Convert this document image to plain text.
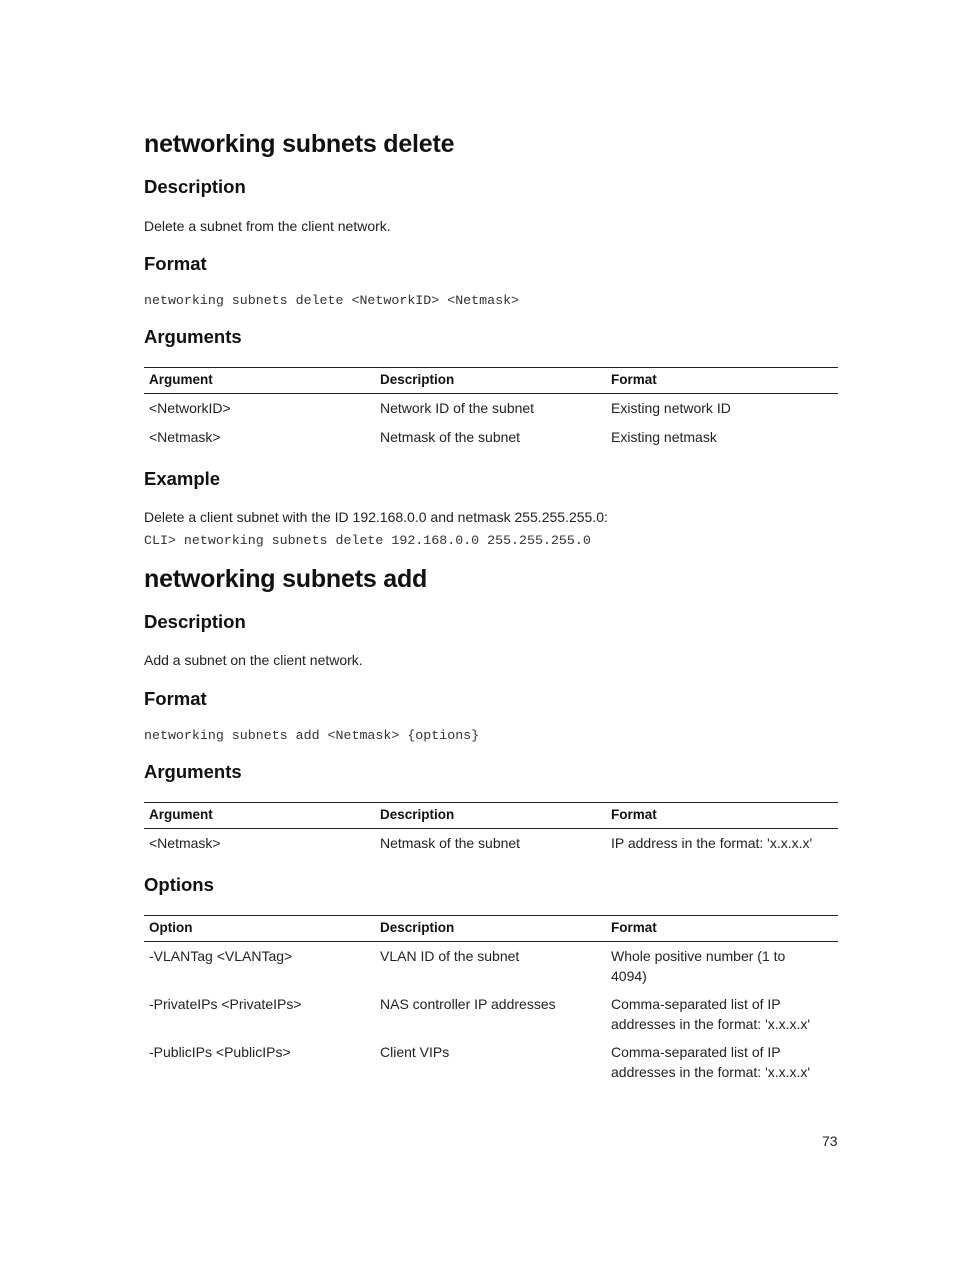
networking subnets delete
Description
Delete a subnet from the client network.
Format
networking subnets delete <NetworkID> <Netmask>
Arguments
Argument	Description	Format
<NetworkID>	Network ID of the subnet	Existing network ID
<Netmask>	Netmask of the subnet	Existing netmask
Example
Delete a client subnet with the ID 192.168.0.0 and netmask 255.255.255.0:
CLI> networking subnets delete 192.168.0.0 255.255.255.0
networking subnets add
Description
Add a subnet on the client network.
Format
networking subnets add <Netmask> {options}
Arguments
Argument	Description	Format
<Netmask>	Netmask of the subnet	IP address in the format: 'x.x.x.x'
Options
Option	Description	Format
-VLANTag <VLANTag>	VLAN ID of the subnet	Whole positive number (1 to 4094)
-PrivateIPs <PrivateIPs>	NAS controller IP addresses	Comma-separated list of IP addresses in the format: 'x.x.x.x'
-PublicIPs <PublicIPs>	Client VIPs	Comma-separated list of IP addresses in the format: 'x.x.x.x'
73
